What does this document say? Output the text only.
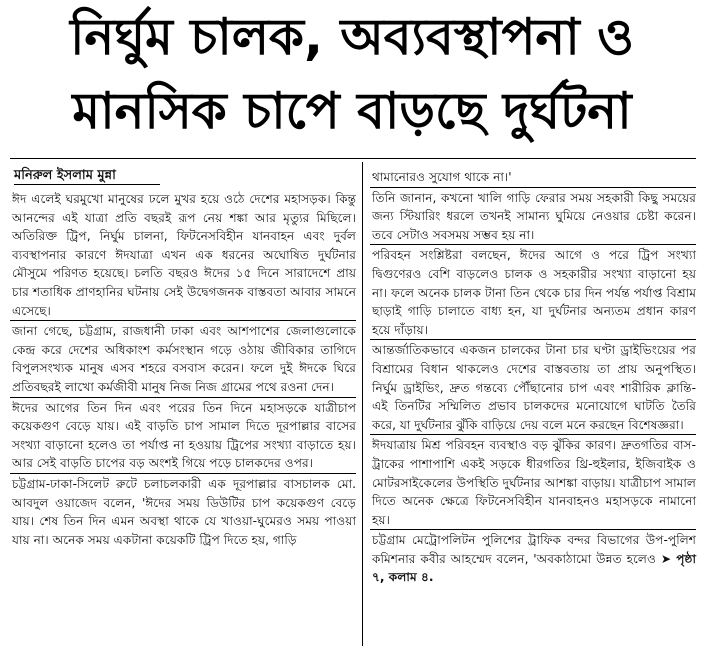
নির্ঘুম চালক, অব্যবস্থাপনা ও
মানসিক চাপে বাড়ছে দুর্ঘটনা
মনিরুল ইসলাম মুন্না

ঈদ এলেই ঘরমুখো মানুষের ঢলে মুখর হয়ে ওঠে দেশের মহাসড়ক। কিন্তু আনন্দের এই যাত্রা প্রতি বছরই রূপ নেয় শঙ্কা আর মৃত্যুর মিছিলে। অতিরিক্ত ট্রিপ, নির্ঘুম চালনা, ফিটনেসবিহীন যানবাহন এবং দুর্বল ব্যবস্থাপনার কারণে ঈদযাত্রা এখন এক ধরনের অঘোষিত দুর্ঘটনার মৌসুমে পরিণত হয়েছে। চলতি বছরও ঈদের ১৫ দিনে সারাদেশে প্রায় চার শতাধিক প্রাণহানির ঘটনায় সেই উদ্বেগজনক বাস্তবতা আবার সামনে এসেছে।

জানা গেছে, চট্টগ্রাম, রাজধানী ঢাকা এবং আশপাশের জেলাগুলোকে কেন্দ্র করে দেশের অধিকাংশ কর্মসংস্থান গড়ে ওঠায় জীবিকার তাগিদে বিপুলসংখ্যক মানুষ এসব শহরে বসবাস করেন। ফলে দুই ঈদকে ঘিরে প্রতিবছরই লাখো কর্মজীবী মানুষ নিজ নিজ গ্রামের পথে রওনা দেন।

ঈদের আগের তিন দিন এবং পরের তিন দিনে মহাসড়কে যাত্রীচাপ কয়েকগুণ বেড়ে যায়। এই বাড়তি চাপ সামাল দিতে দূরপাল্লার বাসের সংখ্যা বাড়ানো হলেও তা পর্যাপ্ত না হওয়ায় ট্রিপের সংখ্যা বাড়াতে হয়। আর সেই বাড়তি চাপের বড় অংশই গিয়ে পড়ে চালকদের ওপর।

চট্টগ্রাম-ঢাকা-সিলেট রুটে চলাচলকারী এক দূরপাল্লার বাসচালক মো. আবদুল ওয়াজেদ বলেন, 'ঈদের সময় ডিউটির চাপ কয়েকগুণ বেড়ে যায়। শেষ তিন দিন এমন অবস্থা থাকে যে খাওয়া-ঘুমেরও সময় পাওয়া যায় না। অনেক সময় একটানা কয়েকটি ট্রিপ দিতে হয়, গাড়ি

থামানোরও সুযোগ থাকে না।'

তিনি জানান, কখনো খালি গাড়ি ফেরার সময় সহকারী কিছু সময়ের জন্য স্টিয়ারিং ধরলে তখনই সামান্য ঘুমিয়ে নেওয়ার চেষ্টা করেন। তবে সেটাও সবসময় সম্ভব হয় না।

পরিবহন সংশ্লিষ্টরা বলছেন, ঈদের আগে ও পরে ট্রিপ সংখ্যা দ্বিগুণেরও বেশি বাড়লেও চালক ও সহকারীর সংখ্যা বাড়ানো হয় না। ফলে অনেক চালক টানা তিন থেকে চার দিন পর্যন্ত পর্যাপ্ত বিশ্রাম ছাড়াই গাড়ি চালাতে বাধ্য হন, যা দুর্ঘটনার অন্যতম প্রধান কারণ হয়ে দাঁড়ায়।

আন্তর্জাতিকভাবে একজন চালকের টানা চার ঘণ্টা ড্রাইভিংয়ের পর বিশ্রামের বিধান থাকলেও দেশের বাস্তবতায় তা প্রায় অনুপস্থিত। নির্ঘুম ড্রাইভিং, দ্রুত গন্তব্যে পৌঁছানোর চাপ এবং শারীরিক ক্লান্তি- এই তিনটির সম্মিলিত প্রভাব চালকদের মনোযোগে ঘাটতি তৈরি করে, যা দুর্ঘটনার ঝুঁকি বাড়িয়ে দেয় বলে মনে করছেন বিশেষজ্ঞরা।

ঈদযাত্রায় মিশ্র পরিবহন ব্যবস্থাও বড় ঝুঁকির কারণ। দ্রুতগতির বাস-ট্রাকের পাশাপাশি একই সড়কে ধীরগতির থ্রি-হুইলার, ইজিবাইক ও মোটরসাইকেলের উপস্থিতি দুর্ঘটনার আশঙ্কা বাড়ায়। যাত্রীচাপ সামাল দিতে অনেক ক্ষেত্রে ফিটনেসবিহীন যানবাহনও মহাসড়কে নামানো হয়।

চট্টগ্রাম মেট্রোপলিটন পুলিশের ট্রাফিক বন্দর বিভাগের উপ-পুলিশ কমিশনার কবীর আহম্মেদ বলেন, 'অবকাঠামো উন্নত হলেও ➤ পৃষ্ঠা ৭, কলাম ৪.
